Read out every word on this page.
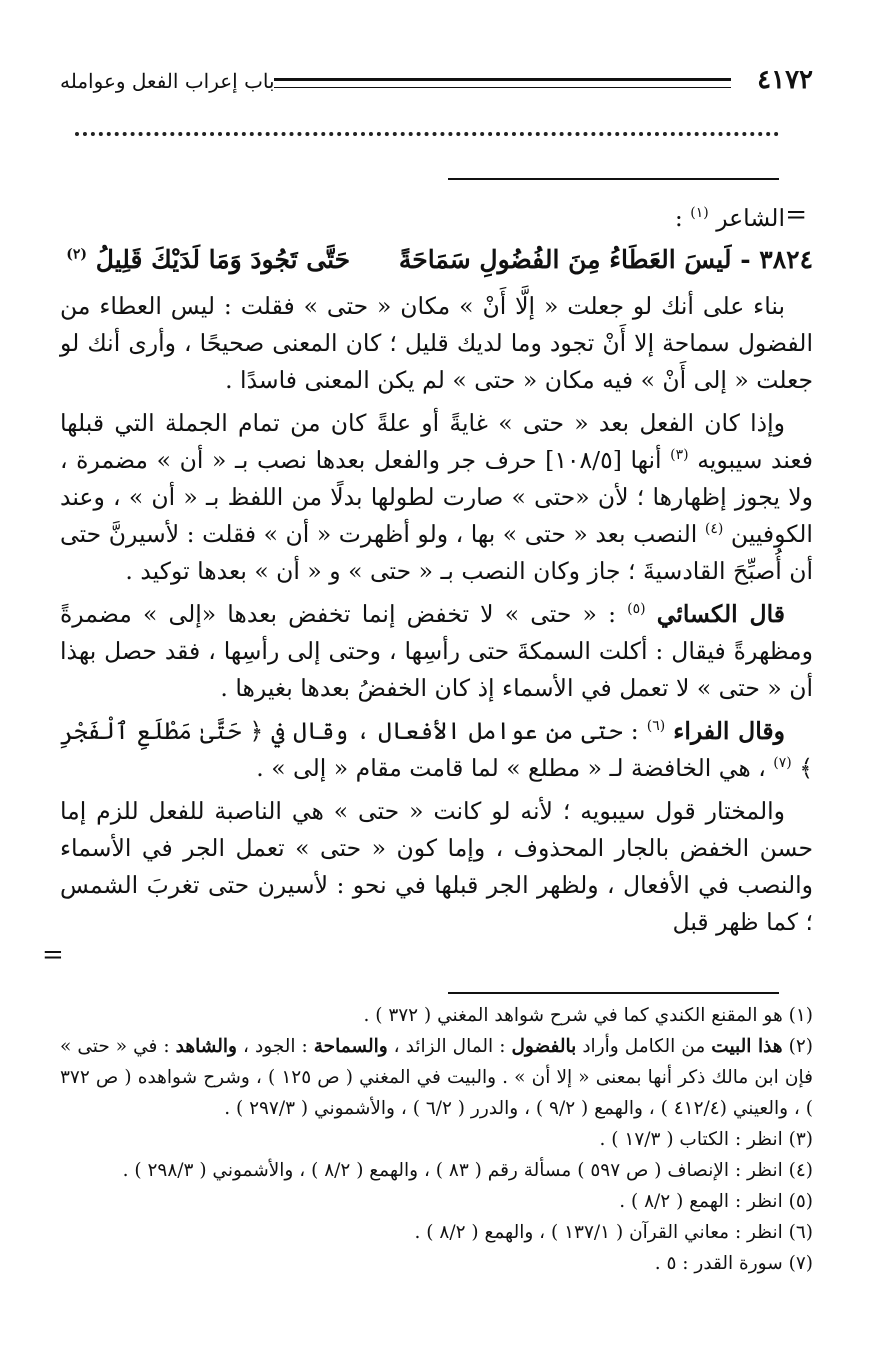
٤١٧٢
باب إعراب الفعل وعوامله
=

الشاعر $^{(١)}$ :

٣٨٢٤ - لَيسَ العَطَاءُ مِنَ الفُضُولِ سَمَاحَةً حَتَّى تَجُودَ وَمَا لَدَيْكَ قَلِيلُ $^{(٢)}$

بناء على أنك لو جعلت « إلَّا أَنْ » مكان « حتى » فقلت : ليس العطاء من الفضول سماحة إلا أَنْ تجود وما لديك قليل ؛ كان المعنى صحيحًا ، وأرى أنك لو جعلت « إلى أَنْ » فيه مكان « حتى » لم يكن المعنى فاسدًا .

وإذا كان الفعل بعد « حتى » غايةً أو علةً كان من تمام الجملة التي قبلها فعند سيبويه $^{(٣)}$ أنها [١٠٨/٥] حرف جر والفعل بعدها نصب بـ « أن » مضمرة ، ولا يجوز إظهارها ؛ لأن «حتى » صارت لطولها بدلًا من اللفظ بـ « أن » ، وعند الكوفيين $^{(٤)}$ النصب بعد « حتى » بها ، ولو أظهرت « أن » فقلت : لأسيرنَّ حتى أن أُصبِّحَ القادسيةَ ؛ جاز وكان النصب بـ « حتى » و « أن » بعدها توكيد .

قال الكسائي $^{(٥)}$ : « حتى » لا تخفض إنما تخفض بعدها «إلى » مضمرةً ومظهرةً فيقال : أكلت السمكةَ حتى رأسِها ، وحتى إلى رأسِها ، فقد حصل بهذا أن « حتى » لا تعمل في الأسماء إذ كان الخفضُ بعدها بغيرها .

وقال الفراء $^{(٦)}$ : حتى من عوامل الأفعال ، وقال في ﴿ حَتَّىٰ مَطْلَعِ ٱلْفَجْرِ ﴾ $^{(٧)}$ ، هي الخافضة لـ « مطلع » لما قامت مقام « إلى » .

والمختار قول سيبويه ؛ لأنه لو كانت « حتى » هي الناصبة للفعل للزم إما حسن الخفض بالجار المحذوف ، وإما كون « حتى » تعمل الجر في الأسماء والنصب في الأفعال ، ولظهر الجر قبلها في نحو : لأسيرن حتى تغربَ الشمس ؛ كما ظهر قبل

=

(١) هو المقنع الكندي كما في شرح شواهد المغني ( ٣٧٢ ) .

(٢) هذا البيت من الكامل وأراد بالفضول : المال الزائد ، والسماحة : الجود ، والشاهد : في « حتى » فإن ابن مالك ذكر أنها بمعنى « إلا أن » . والبيت في المغني ( ص ١٢٥ ) ، وشرح شواهده ( ص ٣٧٢ ) ، والعيني (٤١٢/٤ ) ، والهمع ( ٩/٢ ) ، والدرر ( ٦/٢ ) ، والأشموني ( ٢٩٧/٣ ) .

(٣) انظر : الكتاب ( ١٧/٣ ) .

(٤) انظر : الإنصاف ( ص ٥٩٧ ) مسألة رقم ( ٨٣ ) ، والهمع ( ٨/٢ ) ، والأشموني ( ٢٩٨/٣ ) .

(٥) انظر : الهمع ( ٨/٢ ) .

(٦) انظر : معاني القرآن ( ١٣٧/١ ) ، والهمع ( ٨/٢ ) .

(٧) سورة القدر : ٥ .
